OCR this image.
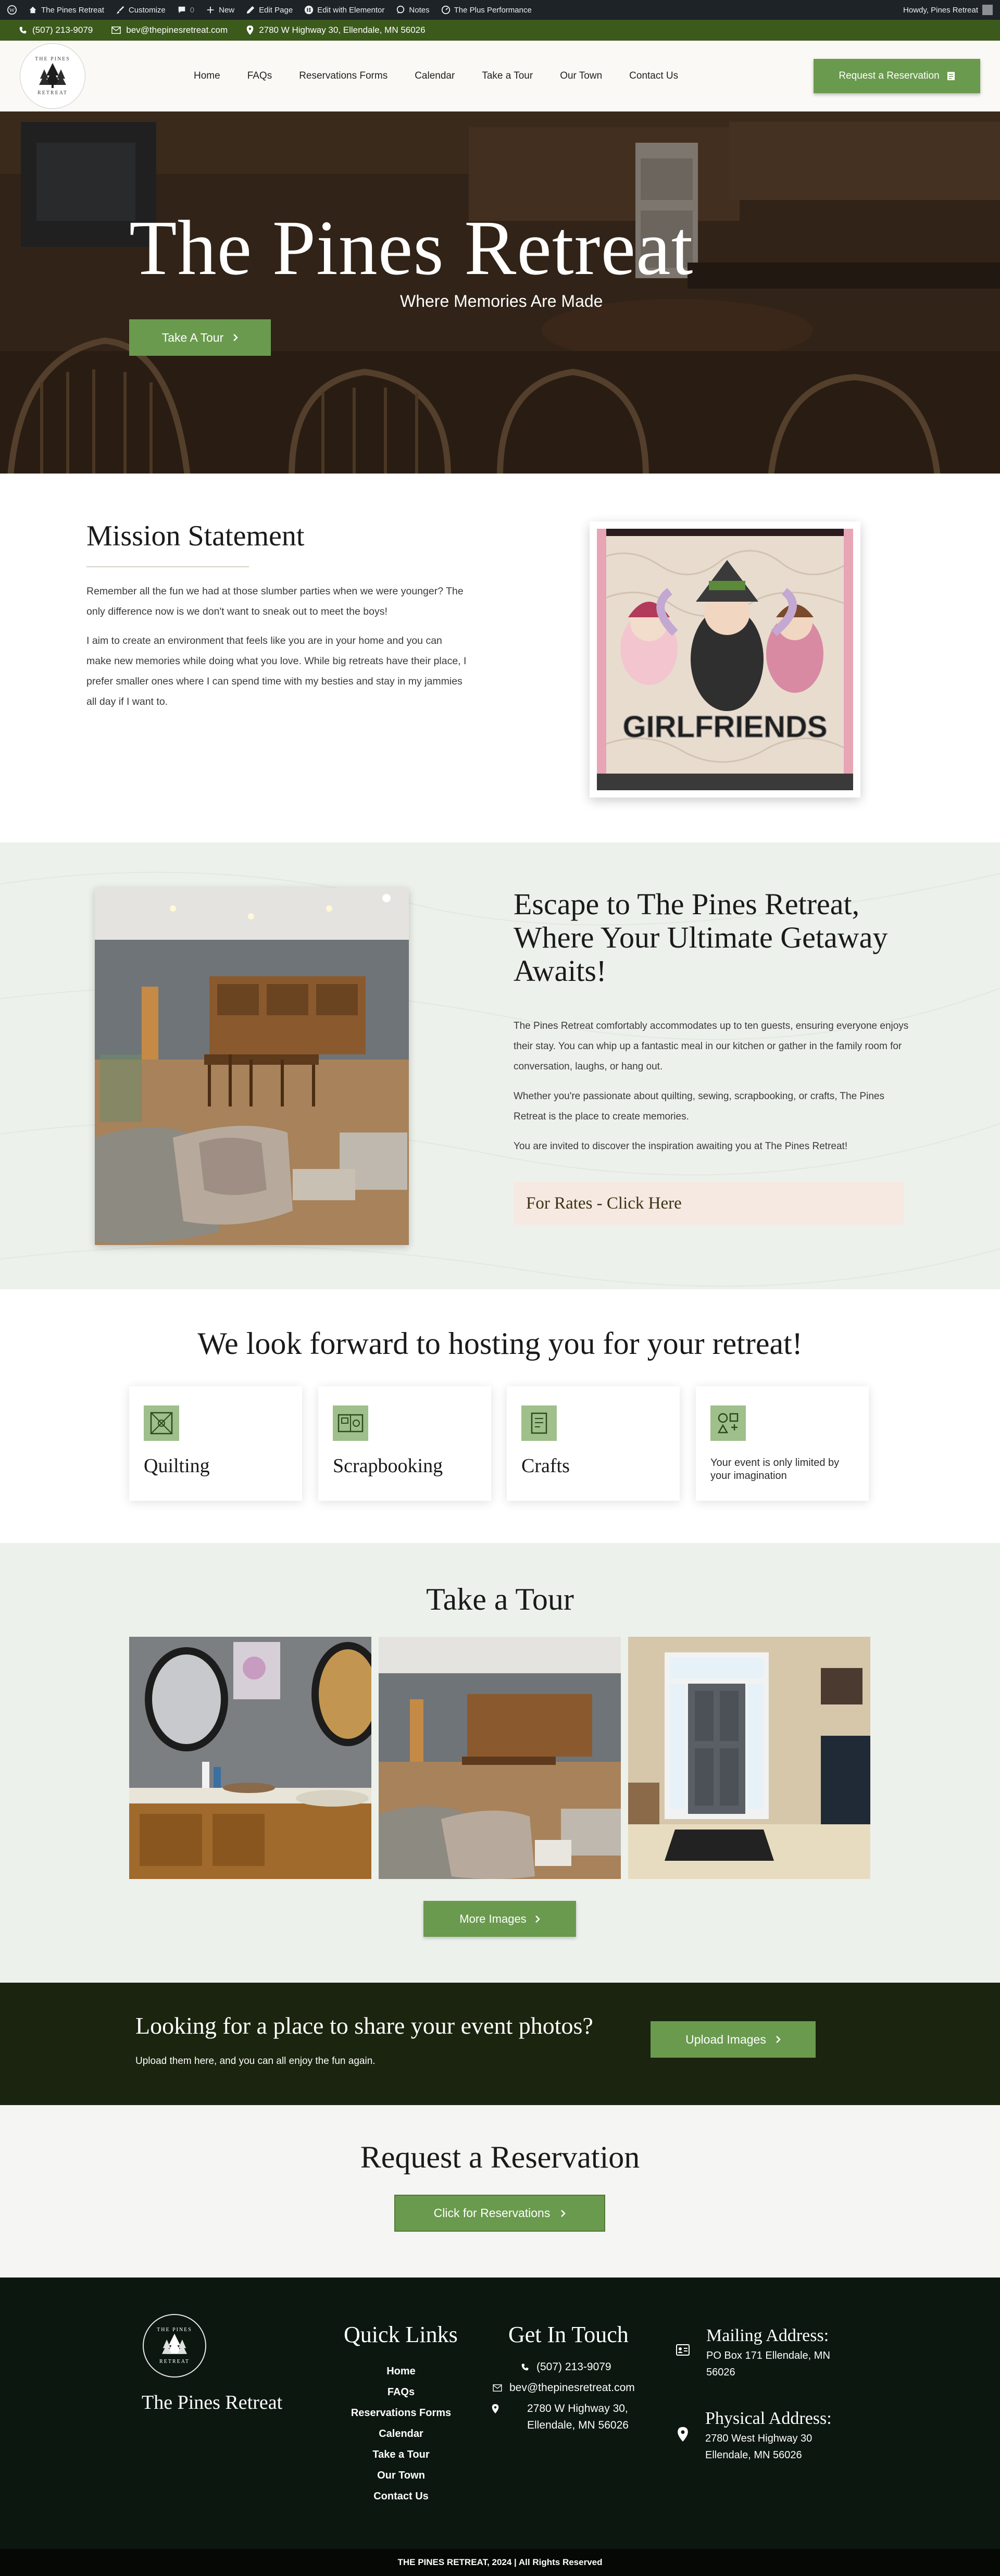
W	The Pines Retreat	Customize	0	New	Edit Page	Edit with Elementor	Notes	The Plus Performance	Howdy, Pines Retreat
(507) 213-9079	bev@thepinesretreat.com	2780 W Highway 30, Ellendale, MN 56026
THE PINES
RETREAT
Home	FAQs	Reservations Forms	Calendar	Take a Tour	Our Town	Contact Us	Request a Reservation
The Pines Retreat
Where Memories Are Made
Take A Tour
Mission Statement

Remember all the fun we had at those slumber parties when we were younger? The only difference now is we don't want to sneak out to meet the boys!

I aim to create an environment that feels like you are in your home and you can make new memories while doing what you love. While big retreats have their place, I prefer smaller ones where I can spend time with my besties and stay in my jammies all day if I want to.

GIRLFRIENDS
Escape to The Pines Retreat, Where Your Ultimate Getaway Awaits!

The Pines Retreat comfortably accommodates up to ten guests, ensuring everyone enjoys their stay. You can whip up a fantastic meal in our kitchen or gather in the family room for conversation, laughs, or hang out.

Whether you're passionate about quilting, sewing, scrapbooking, or crafts, The Pines Retreat is the place to create memories.

You are invited to discover the inspiration awaiting you at The Pines Retreat!

For Rates - Click Here
We look forward to hosting you for your retreat!
Quilting	Scrapbooking	Crafts	Your event is only limited by your imagination
Take a Tour
More Images
Looking for a place to share your event photos?

Upload them here, and you can all enjoy the fun again.

Upload Images
Request a Reservation
Click for Reservations
THE PINES
RETREAT
The Pines Retreat
Quick Links
Home
FAQs
Reservations Forms
Calendar
Take a Tour
Our Town
Contact Us
Get In Touch
(507) 213-9079
bev@thepinesretreat.com
2780 W Highway 30, Ellendale, MN 56026
Mailing Address:
PO Box 171 Ellendale, MN 56026
Physical Address:
2780 West Highway 30 Ellendale, MN 56026
THE PINES RETREAT, 2024 | All Rights Reserved
